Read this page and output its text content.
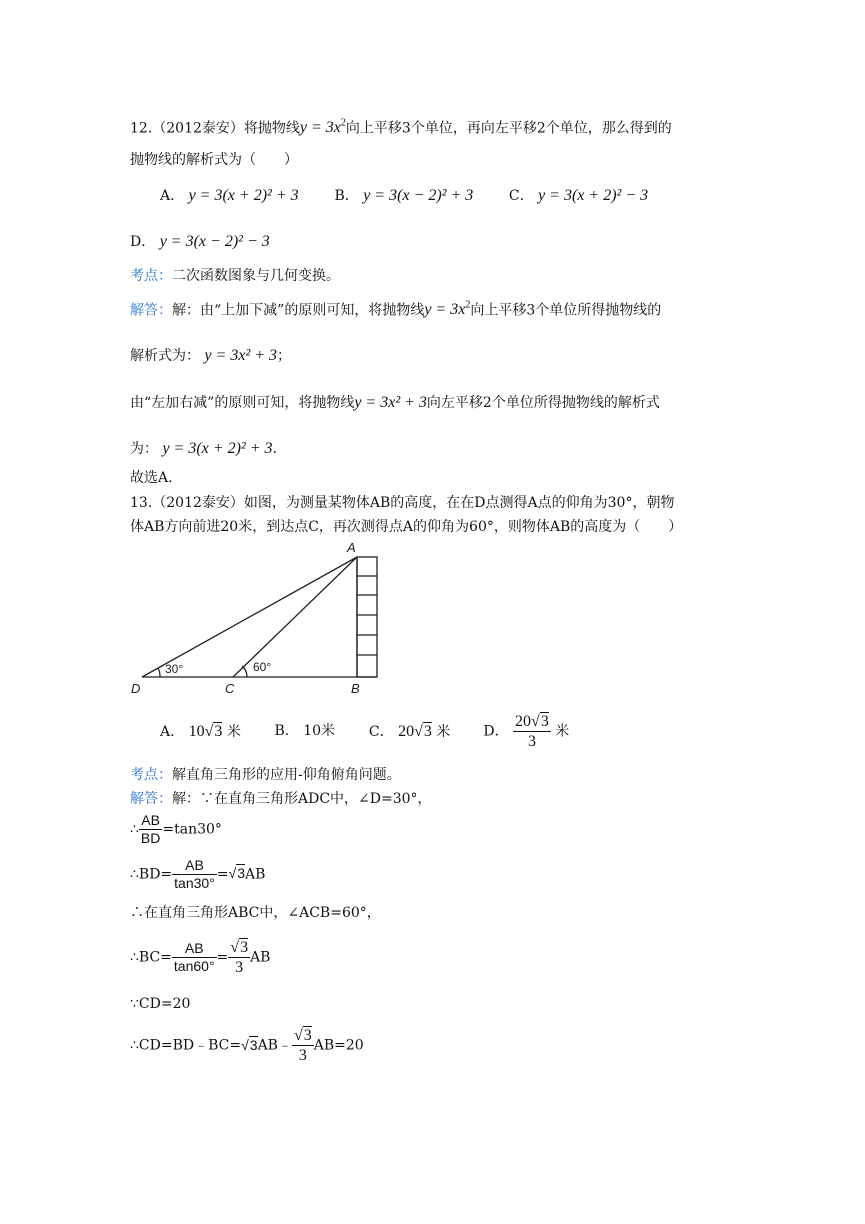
12.（2012泰安）将抛物线$y = 3x^2$向上平移3个单位，再向左平移2个单位，那么得到的
抛物线的解析式为（　　）
A． y = 3(x + 2)² + 3	B． y = 3(x − 2)² + 3	C． y = 3(x + 2)² − 3
D． y = 3(x − 2)² − 3
考点：二次函数图象与几何变换。
解答：解：由“上加下减”的原则可知，将抛物线$y = 3x^2$向上平移3个单位所得抛物线的
解析式为： y = 3x² + 3；
由“左加右减”的原则可知，将抛物线y = 3x² + 3向左平移2个单位所得抛物线的解析式
为： y = 3(x + 2)² + 3．
故选A.
13.（2012泰安）如图，为测量某物体AB的高度，在在D点测得A点的仰角为30°，朝物
体AB方向前进20米，到达点C，再次测得点A的仰角为60°，则物体AB的高度为（　　）
A
B
C
D
30°	60°
A． 10√3 米 B． 10米 C． 20√3 米 D． $\frac{20√3}{3}$ 米
考点：解直角三角形的应用-仰角俯角问题。
解答：解：∵在直角三角形ADC中，∠D=30°，
∴ $\frac{AB}{BD} =\tan 30^\circ$
∴BD= $\frac{AB}{\tan 30^\circ} =√3AB$
∴在直角三角形ABC中，∠ACB=60°，
∴BC= $\frac{AB}{\tan 60^\circ} = \frac{√3}{3}$ AB
∵CD=20
∴CD=BD﹣BC=√3AB﹣ $\frac{√3}{3} AB=20$
